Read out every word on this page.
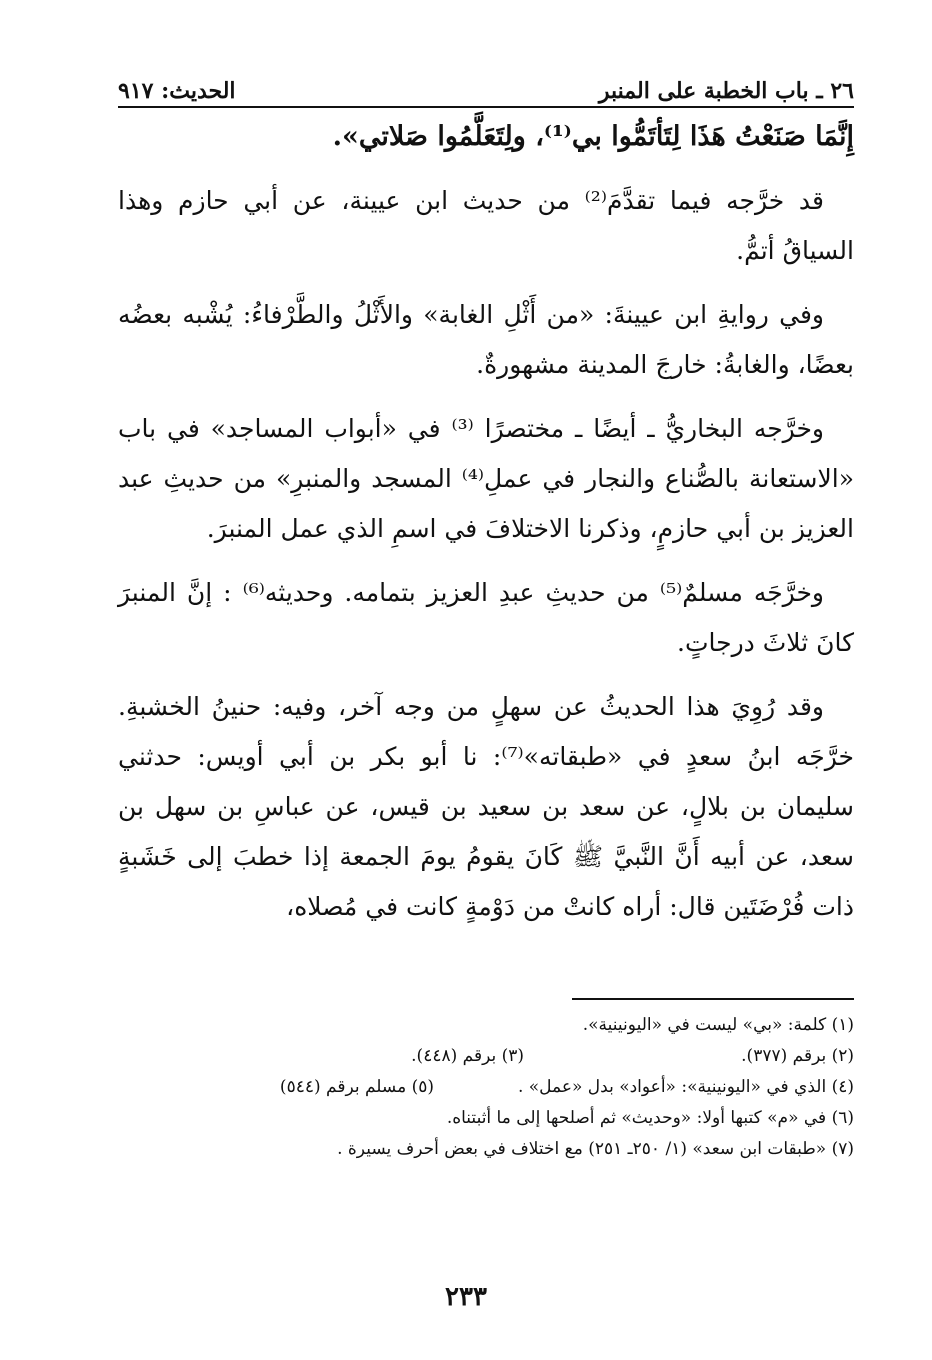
٢٦ ـ باب الخطبة على المنبر
الحديث: ٩١٧

إِنَّمَا صَنَعْتُ هَذَا لِتَأتَمُّوا بي⁽¹⁾، ولِتَعَلَّمُوا صَلاتي».

قد خرَّجه فيما تقدَّمَ⁽²⁾ من حديث ابن عيينة، عن أبي حازم وهذا السياقُ أتمُّ.

وفي روايةِ ابن عيينةَ: «من أَثْلِ الغابة» والأَثْلُ والطَّرْفاءُ: يُشْبه بعضُه بعضًا، والغابةُ: خارجَ المدينة مشهورةٌ.

وخرَّجه البخاريُّ ـ أيضًا ـ مختصرًا ⁽³⁾ في «أبواب المساجد» في باب «الاستعانة بالصُّناع والنجار في عملِ⁽⁴⁾ المسجد والمنبرِ» من حديثِ عبد العزيز بن أبي حازمٍ، وذكرنا الاختلافَ في اسمِ الذي عمل المنبرَ.

وخرَّجَه مسلمٌ⁽⁵⁾ من حديثِ عبدِ العزيز بتمامه. وحديثه⁽⁶⁾ : إنَّ المنبرَ كانَ ثلاثَ درجاتٍ.

وقد رُوِيَ هذا الحديثُ عن سهلٍ من وجه آخر، وفيه: حنينُ الخشبةِ. خرَّجَه ابنُ سعدٍ في «طبقاته»⁽⁷⁾: نا أبو بكر بن أبي أويس: حدثني سليمان بن بلالٍ، عن سعد بن سعيد بن قيس، عن عباسِ بن سهل بن سعد، عن أبيه أَنَّ النَّبيَّ ﷺ كَانَ يقومُ يومَ الجمعة إذا خطبَ إلى خَشَبةٍ ذات فُرْضَتَين قال: أراه كانتْ من دَوْمةٍ كانت في مُصلاه،

(١) كلمة: «بي» ليست في «اليونينية».
(٢) برقم (٣٧٧).
(٣) برقم (٤٤٨).
(٤) الذي في «اليونينية»: «أعواد» بدل «عمل» .
(٥) مسلم برقم (٥٤٤)
(٦) في «م» كتبها أولا: «وحديث» ثم أصلحها إلى ما أثبتناه.
(٧) «طبقات ابن سعد» (١/ ٢٥٠ـ ٢٥١) مع اختلاف في بعض أحرف يسيرة .
٢٣٣
